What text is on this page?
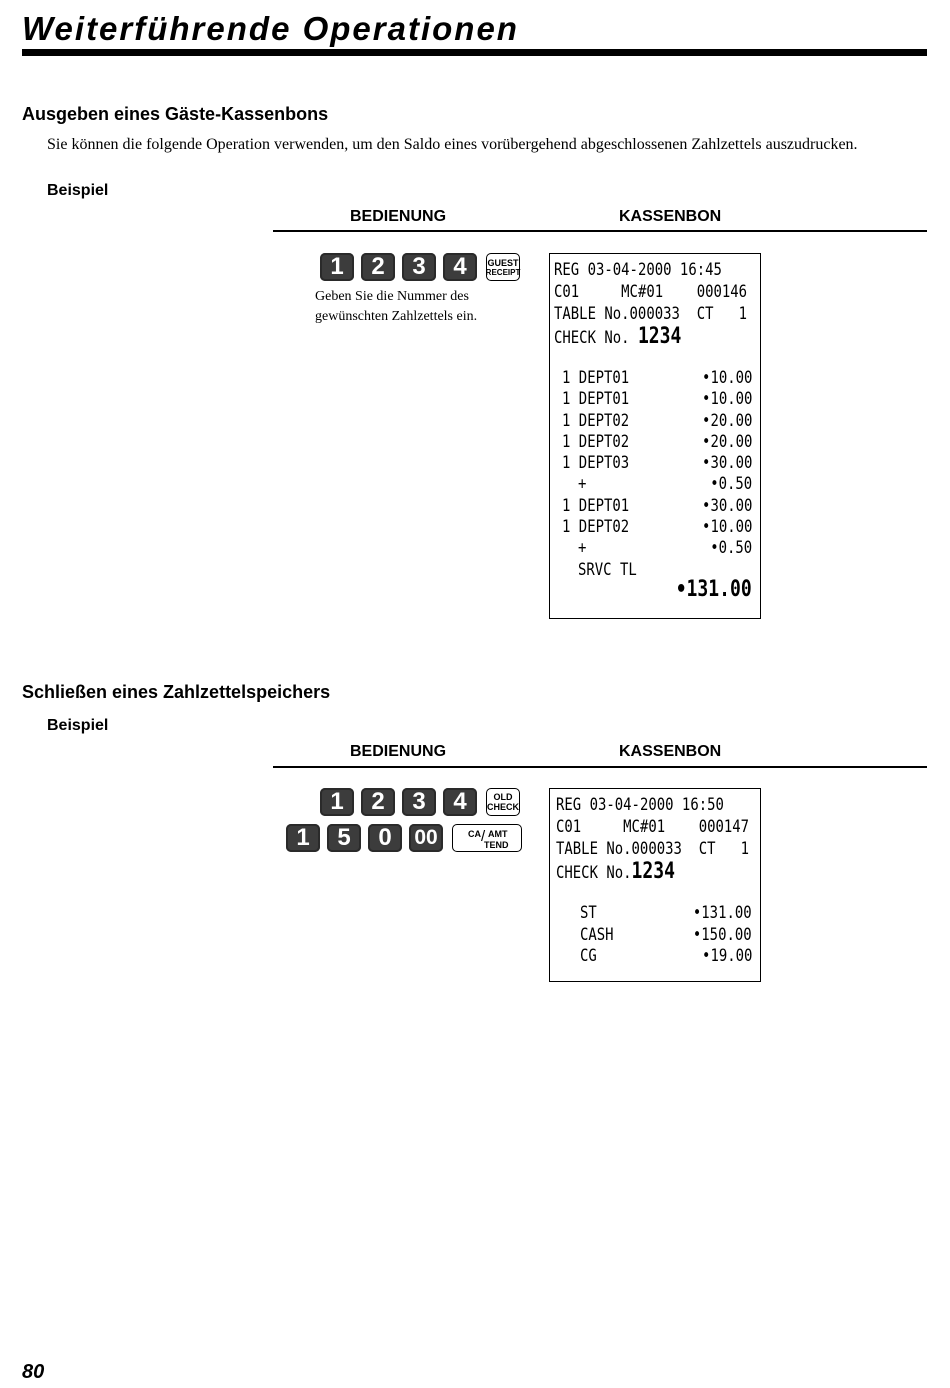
Weiterführende Operationen
Ausgeben eines Gäste-Kassenbons
Sie können die folgende Operation verwenden, um den Saldo eines vorübergehend abgeschlossenen Zahlzettels auszudrucken.
Beispiel
BEDIENUNG	KASSENBON
1	2	3	4	GUEST
RECEIPT
Geben Sie die Nummer des gewünschten Zahlzettels ein.
REG 03-04-2000 16:45
C01 MC#01 000146
TABLE No.000033 CT 1
CHECK No. 1234
1 DEPT01	•10.00
1 DEPT01	•10.00
1 DEPT02	•20.00
1 DEPT02	•20.00
1 DEPT03	•30.00
+	•0.50
1 DEPT01	•30.00
1 DEPT02	•10.00
+	•0.50
SRVC TL
•131.00
Schließen eines Zahlzettelspeichers
Beispiel
BEDIENUNG	KASSENBON
1	2	3	4	OLD
CHECK
1	5	0	00	CA / AMT
TEND
REG 03-04-2000 16:50
C01 MC#01 000147
TABLE No.000033 CT 1
CHECK No.1234
ST	•131.00
CASH	•150.00
CG	•19.00
80
